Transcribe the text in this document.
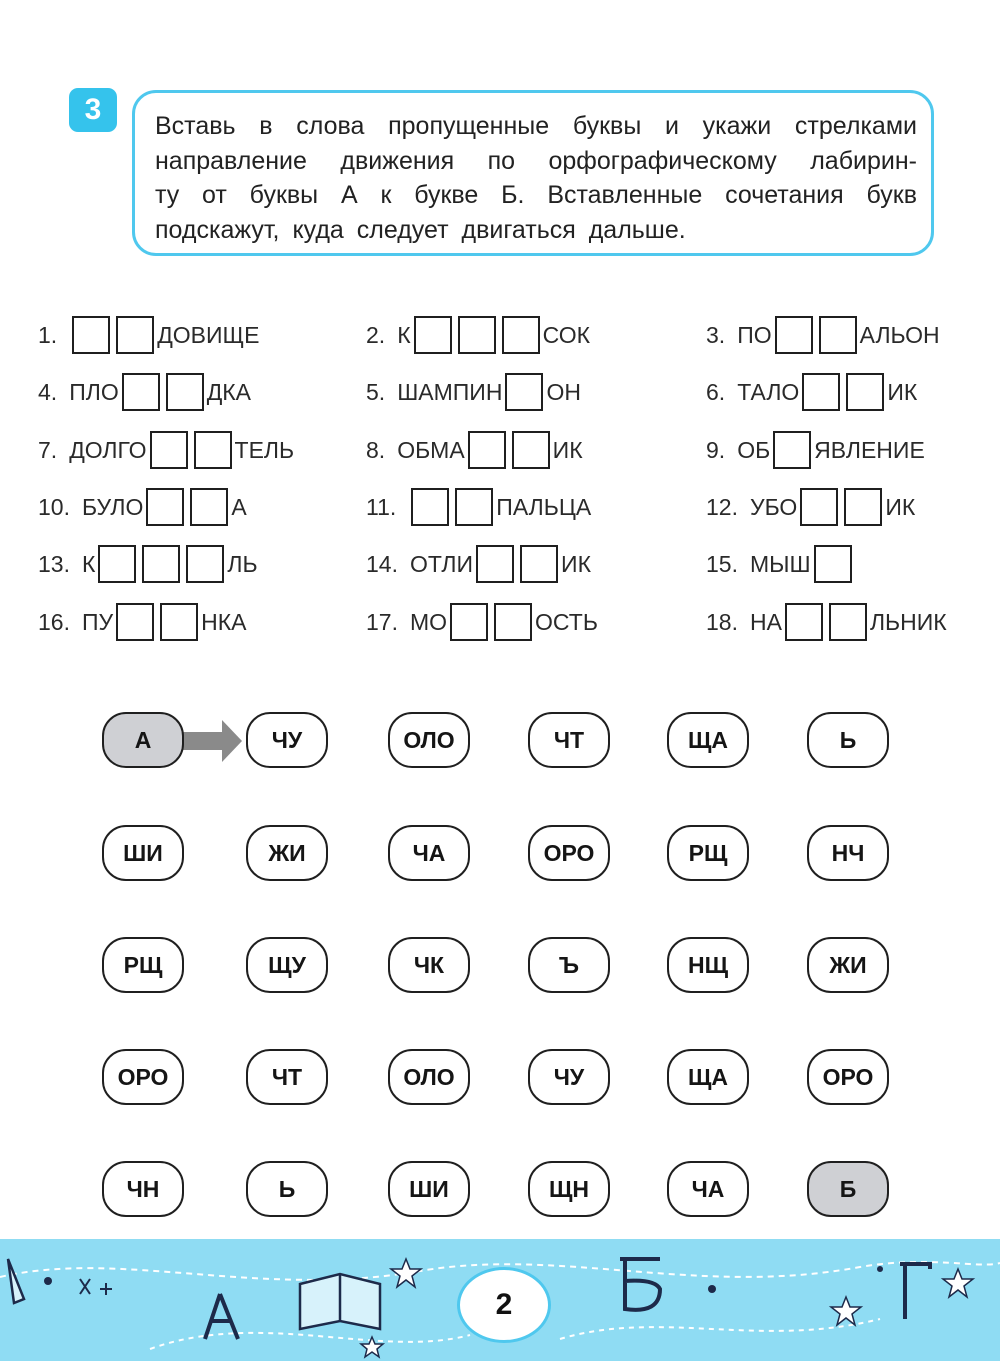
3	Вставь в слова пропущенные буквы и укажи стрелками
направление движения по орфографическому лабирин-
ту от буквы А к букве Б. Вставленные сочетания букв
подскажут, куда следует двигаться дальше.
1.	ДОВИЩЕ	2. К	СОК	3. ПО	АЛЬОН
4. ПЛО	ДКА	5. ШАМПИН ОН	6. ТАЛО	ИК
7. ДОЛГО	ТЕЛЬ	8. ОБМА	ИК	9. ОБ ЯВЛЕНИЕ
10. БУЛО	А	11.	ПАЛЬЦА	12. УБО	ИК
13. К	ЛЬ	14. ОТЛИ	ИК	15. МЫШ
16. ПУ	НКА	17. МО	ОСТЬ	18. НА	ЛЬНИК
А	ЧУ	ОЛО	ЧТ	ЩА	Ь
ШИ	ЖИ	ЧА	ОРО	РЩ	НЧ
РЩ	ЩУ	ЧК	Ъ	НЩ	ЖИ
ОРО	ЧТ	ОЛО	ЧУ	ЩА	ОРО
ЧН	Ь	ШИ	ЩН	ЧА	Б
2
